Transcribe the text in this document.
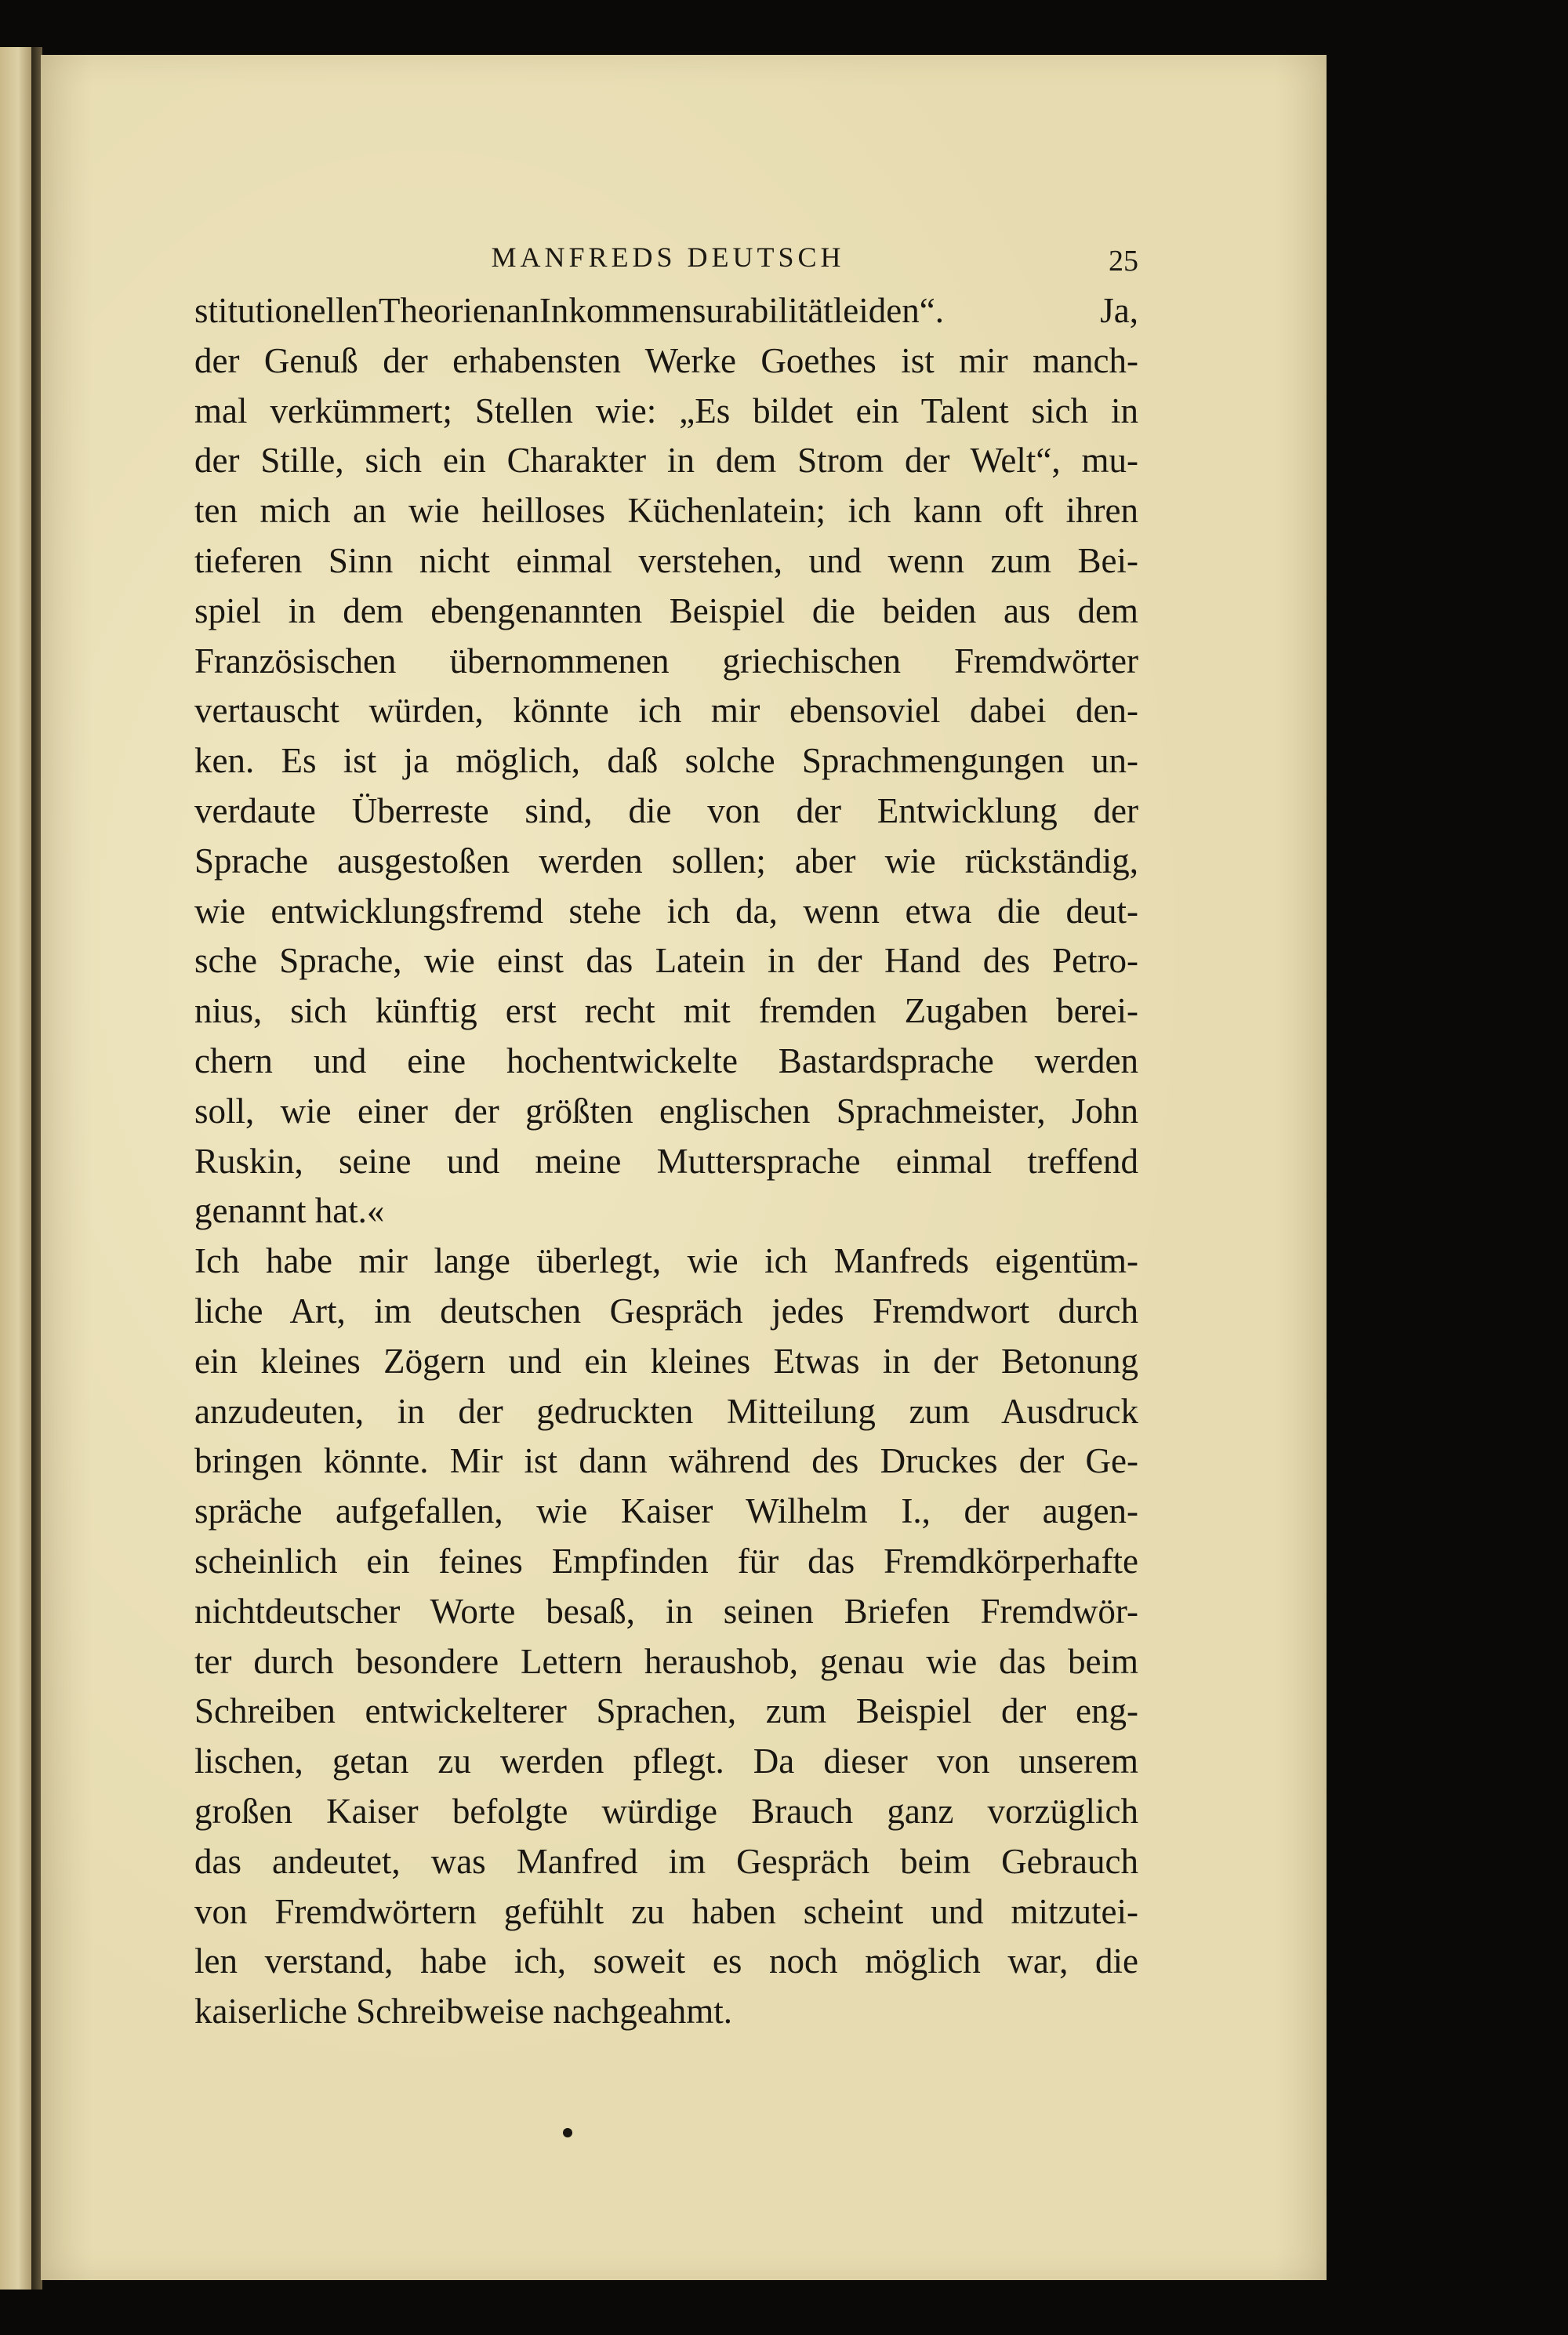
MANFREDS DEUTSCH	25
stitutionellenTheorienanInkommensurabilitätleiden“. Ja,
der Genuß der erhabensten Werke Goethes ist mir manch-
mal verkümmert; Stellen wie: „Es bildet ein Talent sich in
der Stille, sich ein Charakter in dem Strom der Welt“, mu-
ten mich an wie heilloses Küchenlatein; ich kann oft ihren
tieferen Sinn nicht einmal verstehen, und wenn zum Bei-
spiel in dem ebengenannten Beispiel die beiden aus dem
Französischen übernommenen griechischen Fremdwörter
vertauscht würden, könnte ich mir ebensoviel dabei den-
ken. Es ist ja möglich, daß solche Sprachmengungen un-
verdaute Überreste sind, die von der Entwicklung der
Sprache ausgestoßen werden sollen; aber wie rückständig,
wie entwicklungsfremd stehe ich da, wenn etwa die deut-
sche Sprache, wie einst das Latein in der Hand des Petro-
nius, sich künftig erst recht mit fremden Zugaben berei-
chern und eine hochentwickelte Bastardsprache werden
soll, wie einer der größten englischen Sprachmeister, John
Ruskin, seine und meine Muttersprache einmal treffend
genannt hat.«
Ich habe mir lange überlegt, wie ich Manfreds eigentüm-
liche Art, im deutschen Gespräch jedes Fremdwort durch
ein kleines Zögern und ein kleines Etwas in der Betonung
anzudeuten, in der gedruckten Mitteilung zum Ausdruck
bringen könnte. Mir ist dann während des Druckes der Ge-
spräche aufgefallen, wie Kaiser Wilhelm I., der augen-
scheinlich ein feines Empfinden für das Fremdkörperhafte
nichtdeutscher Worte besaß, in seinen Briefen Fremdwör-
ter durch besondere Lettern heraushob, genau wie das beim
Schreiben entwickelterer Sprachen, zum Beispiel der eng-
lischen, getan zu werden pflegt. Da dieser von unserem
großen Kaiser befolgte würdige Brauch ganz vorzüglich
das andeutet, was Manfred im Gespräch beim Gebrauch
von Fremdwörtern gefühlt zu haben scheint und mitzutei-
len verstand, habe ich, soweit es noch möglich war, die
kaiserliche Schreibweise nachgeahmt.
